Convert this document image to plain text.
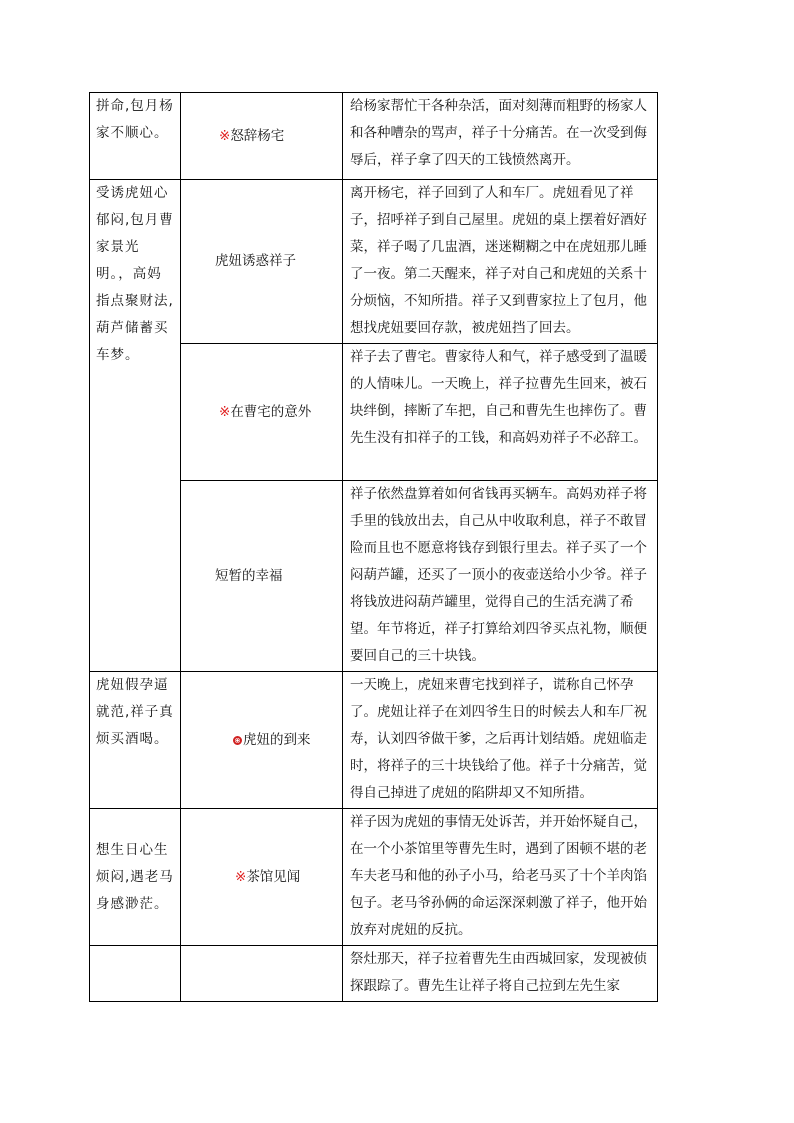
拼命,包月杨家不顺心。	※怒辞杨宅	给杨家帮忙干各种杂活，面对刻薄而粗野的杨家人和各种嘈杂的骂声，祥子十分痛苦。在一次受到侮辱后，祥子拿了四天的工钱愤然离开。
受诱虎妞心郁闷,包月曹家景光明。，高妈指点聚财法,葫芦储蓄买车梦。	虎妞诱惑祥子	离开杨宅，祥子回到了人和车厂。虎妞看见了祥子，招呼祥子到自己屋里。虎妞的桌上摆着好酒好菜，祥子喝了几盅酒，迷迷糊糊之中在虎妞那儿睡了一夜。第二天醒来，祥子对自己和虎妞的关系十分烦恼，不知所措。祥子又到曹家拉上了包月，他想找虎妞要回存款，被虎妞挡了回去。
	※在曹宅的意外	祥子去了曹宅。曹家待人和气，祥子感受到了温暖的人情味儿。一天晚上，祥子拉曹先生回来，被石块绊倒，摔断了车把，自己和曹先生也摔伤了。曹先生没有扣祥子的工钱，和高妈劝祥子不必辞工。
	短暂的幸福	祥子依然盘算着如何省钱再买辆车。高妈劝祥子将手里的钱放出去，自己从中收取利息，祥子不敢冒险而且也不愿意将钱存到银行里去。祥子买了一个闷葫芦罐，还买了一顶小的夜壶送给小少爷。祥子将钱放进闷葫芦罐里，觉得自己的生活充满了希望。年节将近，祥子打算给刘四爷买点礼物，顺便要回自己的三十块钱。
虎妞假孕逼就范,祥子真烦买酒喝。	虎妞的到来	一天晚上，虎妞来曹宅找到祥子，谎称自己怀孕了。虎妞让祥子在刘四爷生日的时候去人和车厂祝寿，认刘四爷做干爹，之后再计划结婚。虎妞临走时，将祥子的三十块钱给了他。祥子十分痛苦，觉得自己掉进了虎妞的陷阱却又不知所措。
想生日心生烦闷,遇老马身感渺茫。	※茶馆见闻	祥子因为虎妞的事情无处诉苦，并开始怀疑自己，在一个小茶馆里等曹先生时，遇到了困顿不堪的老车夫老马和他的孙子小马，给老马买了十个羊肉馅包子。老马爷孙俩的命运深深刺激了祥子，他开始放弃对虎妞的反抗。
		祭灶那天，祥子拉着曹先生由西城回家，发现被侦探跟踪了。曹先生让祥子将自己拉到左先生家
